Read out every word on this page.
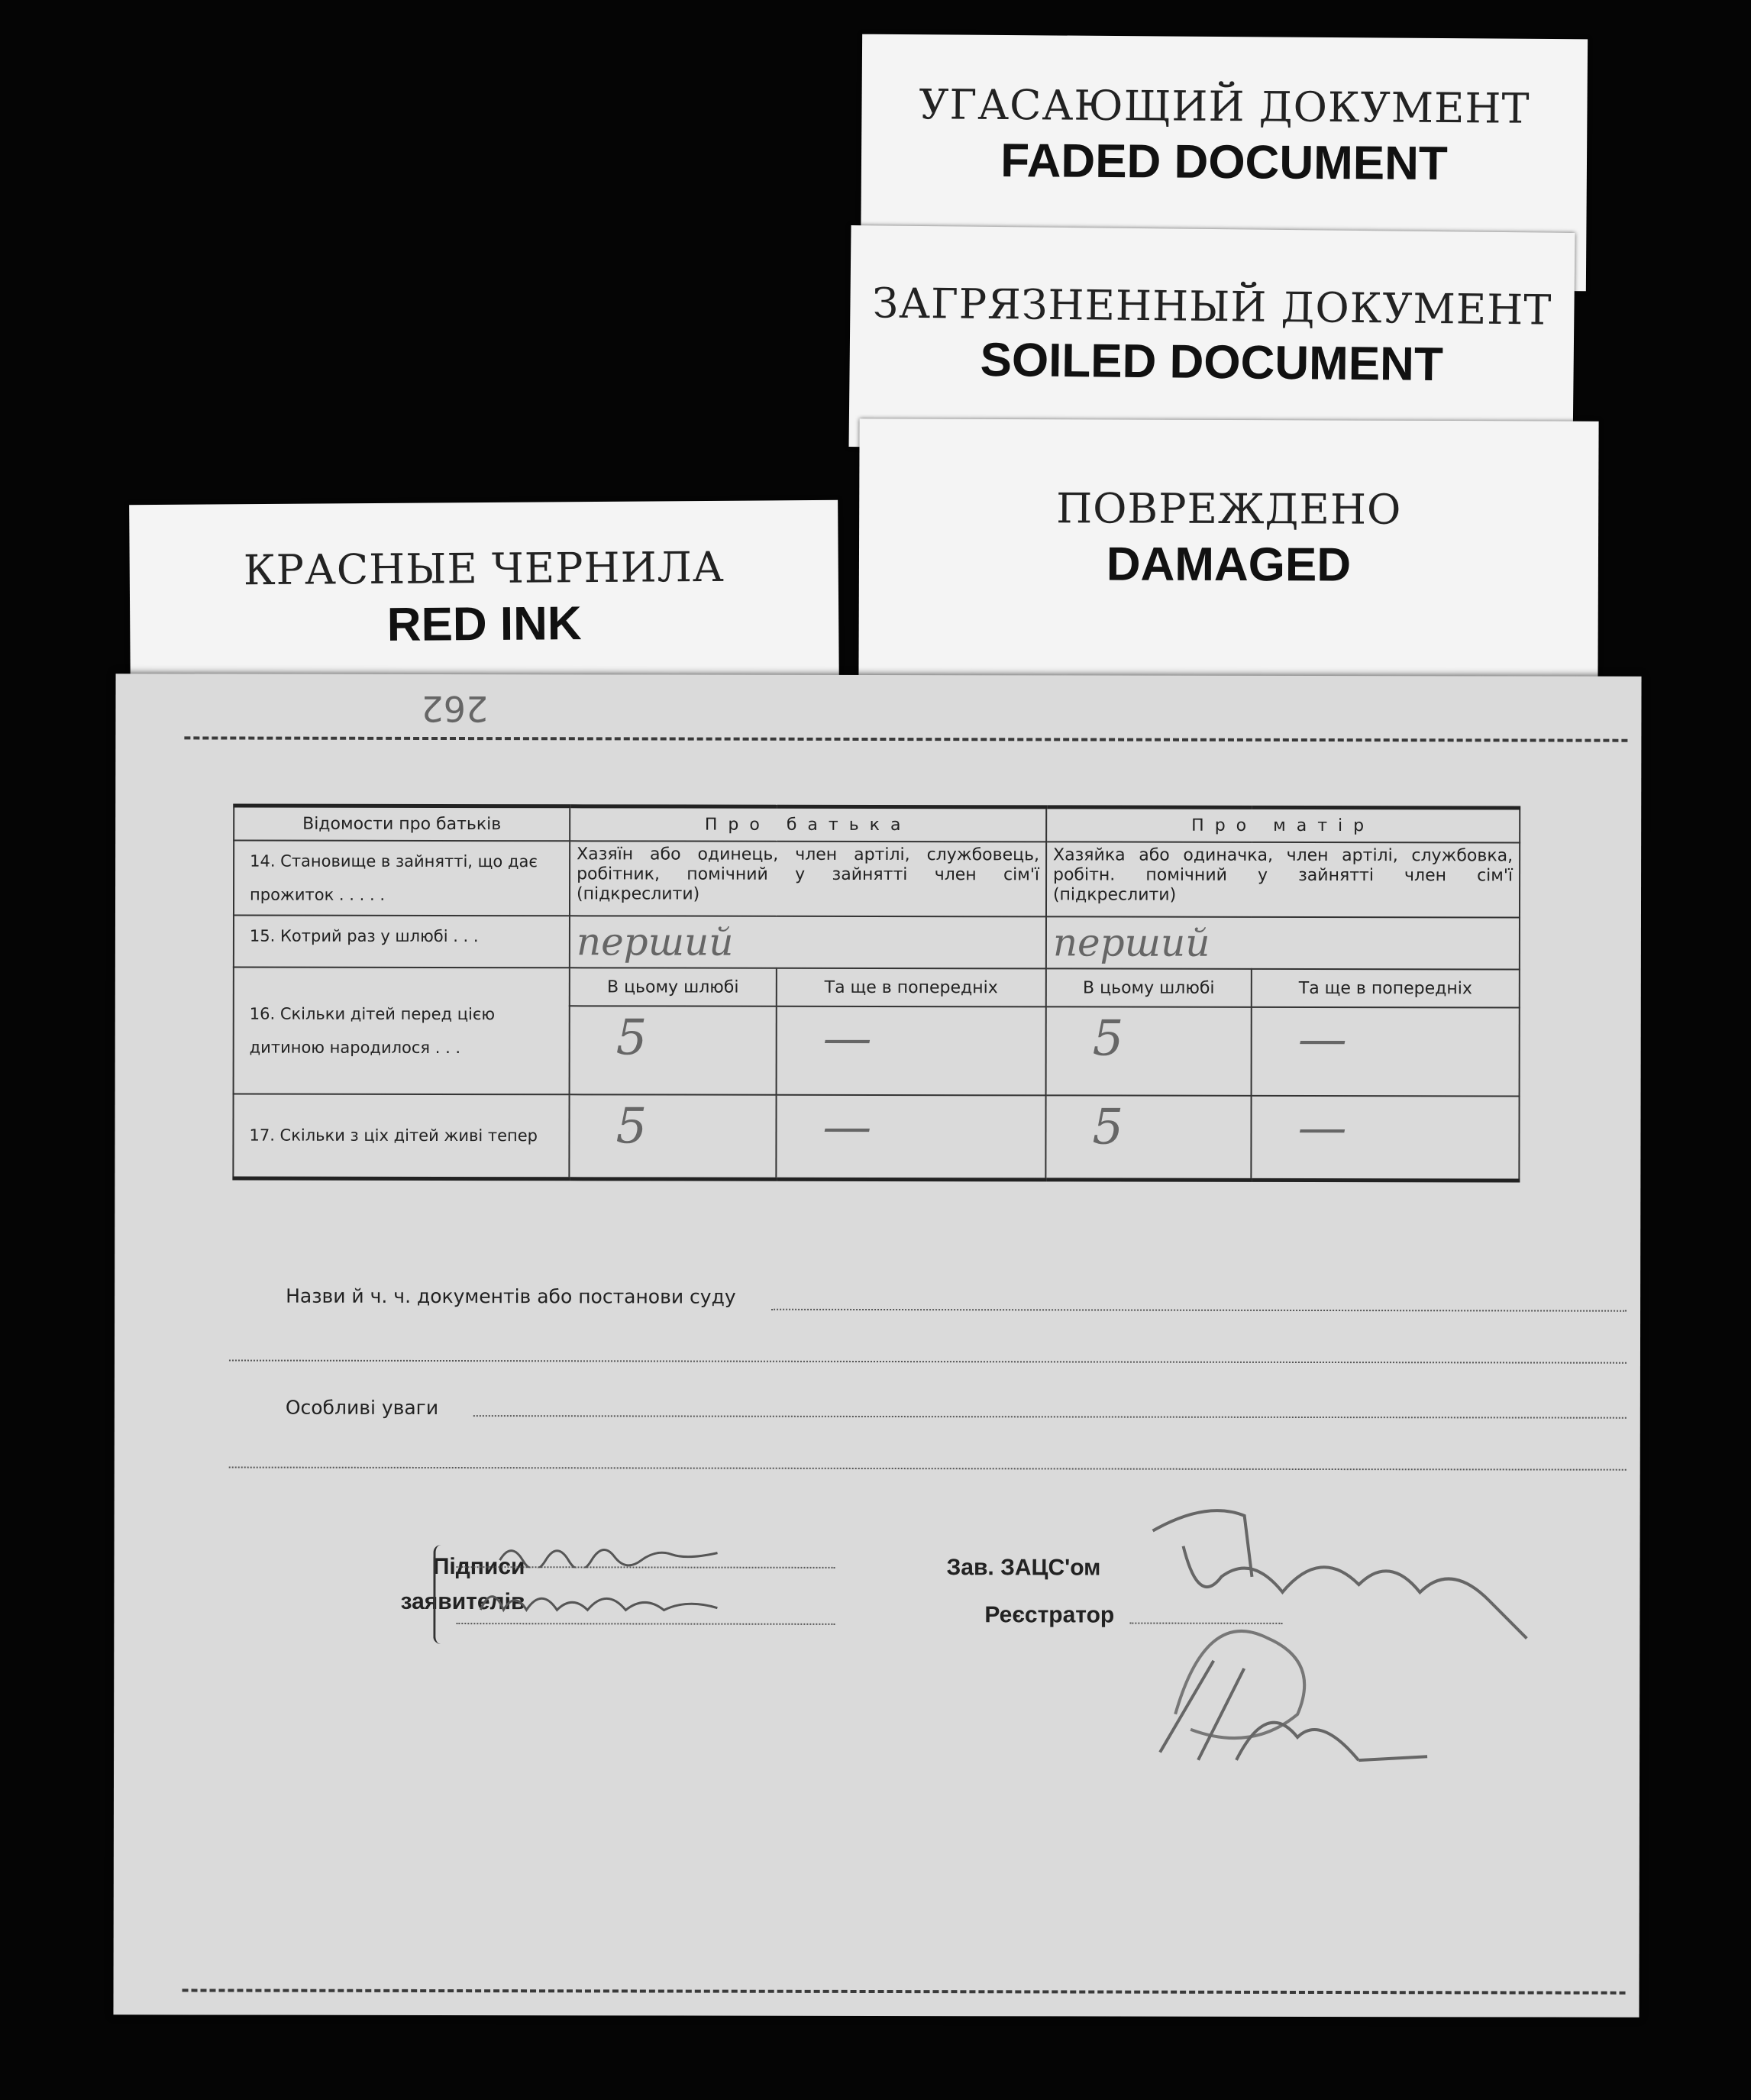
УГАСАЮЩИЙ ДОКУМЕНТ
FADED DOCUMENT
ЗАГРЯЗНЕННЫЙ ДОКУМЕНТ
SOILED DOCUMENT
ПОВРЕЖДЕНО
DAMAGED
КРАСНЫЕ ЧЕРНИЛА
RED INK
262
Відомости про батьків	Про батька		Про матір	
14. Становище в зайнятті, що дає прожиток . . . . .	Хазяїн або одинець, член артілі, службовець, робітник, помічний у зайнятті член сім'ї (підкреслити)		Хазяйка або одиначка, член артілі, службовка, робітн. помічний у зайнятті член сім'ї (підкреслити)	
15. Котрий раз у шлюбі . . .	перший		перший	
16. Скільки дітей перед цією дитиною народилося . . .	В цьому шлюбі	Та ще в попередніх	В цьому шлюбі	Та ще в попередніх
	5	—	5	—
17. Скільки з ціх дітей живі тепер	5	—	5	—
Назви й ч. ч. документів або постанови суду
Особливі уваги
Підписи
заявителів
Зав. ЗАЦС'ом
Реєстратор
